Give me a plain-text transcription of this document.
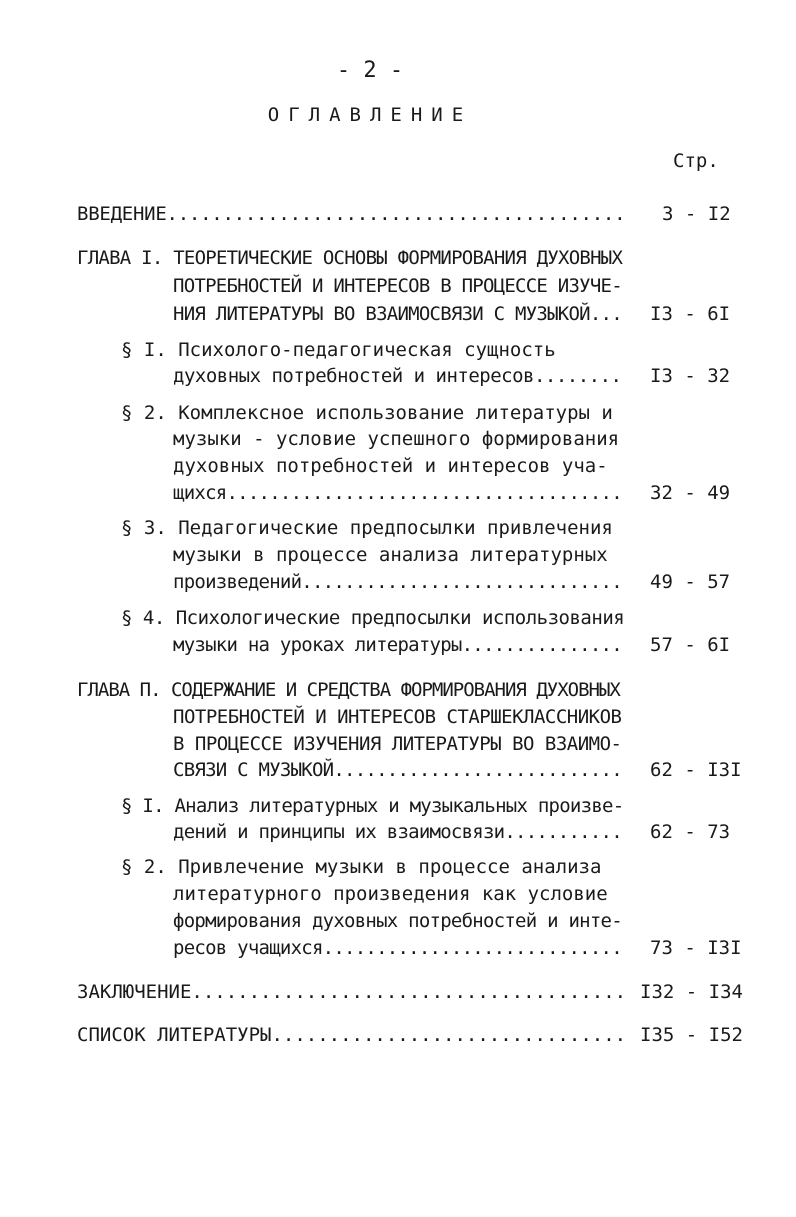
- 2 -
ОГЛАВЛЕНИЕ
Стр.
ВВЕДЕНИЕ......................................... 3 - I2
ГЛАВА I. ТЕОРЕТИЧЕСКИЕ ОСНОВЫ ФОРМИРОВАНИЯ ДУХОВНЫХ
ПОТРЕБНОСТЕЙ И ИНТЕРЕСОВ В ПРОЦЕССЕ ИЗУЧЕ-
НИЯ ЛИТЕРАТУРЫ ВО ВЗАИМОСВЯЗИ С МУЗЫКОЙ... I3 - 6I
§ I. Психолого-педагогическая сущность
духовных потребностей и интересов........ I3 - 32
§ 2. Комплексное использование литературы и
музыки - условие успешного формирования
духовных потребностей и интересов уча-
щихся..................................... 32 - 49
§ 3. Педагогические предпосылки привлечения
музыки в процессе анализа литературных
произведений.............................. 49 - 57
§ 4. Психологические предпосылки использования
музыки на уроках литературы............... 57 - 6I
ГЛАВА П. СОДЕРЖАНИЕ И СРЕДСТВА ФОРМИРОВАНИЯ ДУХОВНЫХ
ПОТРЕБНОСТЕЙ И ИНТЕРЕСОВ СТАРШЕКЛАССНИКОВ
В ПРОЦЕССЕ ИЗУЧЕНИЯ ЛИТЕРАТУРЫ ВО ВЗАИМО-
СВЯЗИ С МУЗЫКОЙ........................... 62 - I3I
§ I. Анализ литературных и музыкальных произве-
дений и принципы их взаимосвязи........... 62 - 73
§ 2. Привлечение музыки в процессе анализа
литературного произведения как условие
формирования духовных потребностей и инте-
ресов учащихся............................ 73 - I3I
ЗАКЛЮЧЕНИЕ...................................... I32 - I34
СПИСОК ЛИТЕРАТУРЫ............................... I35 - I52
